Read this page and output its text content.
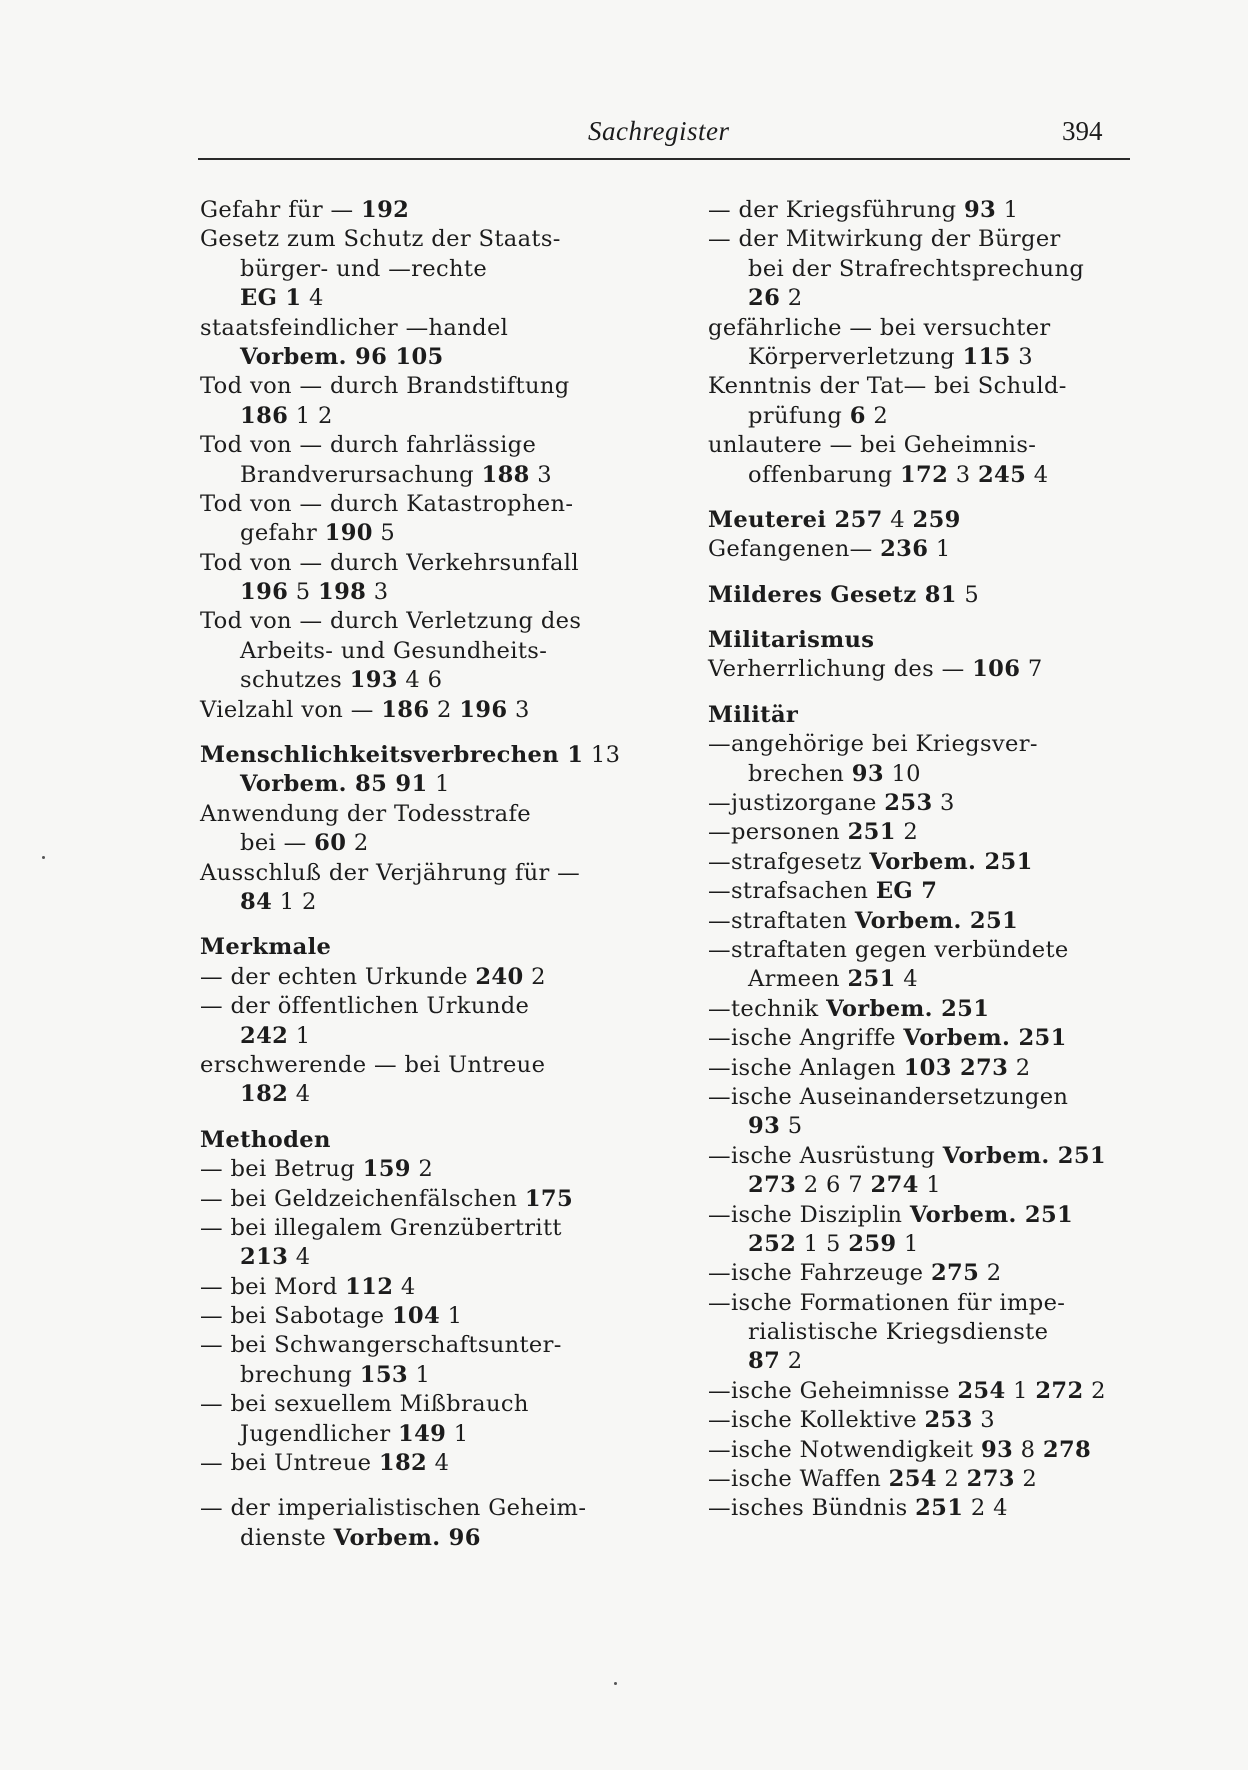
Sachregister	394
Gefahr für — 192
Gesetz zum Schutz der Staats-
bürger- und —rechte
EG 1 4
staatsfeindlicher —handel
Vorbem. 96 105
Tod von — durch Brandstiftung
186 1 2
Tod von — durch fahrlässige
Brandverursachung 188 3
Tod von — durch Katastrophen-
gefahr 190 5
Tod von — durch Verkehrsunfall
196 5 198 3
Tod von — durch Verletzung des
Arbeits- und Gesundheits-
schutzes 193 4 6
Vielzahl von — 186 2 196 3
Menschlichkeitsverbrechen 1 13
Vorbem. 85 91 1
Anwendung der Todesstrafe
bei — 60 2
Ausschluß der Verjährung für —
84 1 2
Merkmale
— der echten Urkunde 240 2
— der öffentlichen Urkunde
242 1
erschwerende — bei Untreue
182 4
Methoden
— bei Betrug 159 2
— bei Geldzeichenfälschen 175
— bei illegalem Grenzübertritt
213 4
— bei Mord 112 4
— bei Sabotage 104 1
— bei Schwangerschaftsunter-
brechung 153 1
— bei sexuellem Mißbrauch
Jugendlicher 149 1
— bei Untreue 182 4
— der imperialistischen Geheim-
dienste Vorbem. 96
— der Kriegsführung 93 1
— der Mitwirkung der Bürger
bei der Strafrechtsprechung
26 2
gefährliche — bei versuchter
Körperverletzung 115 3
Kenntnis der Tat— bei Schuld-
prüfung 6 2
unlautere — bei Geheimnis-
offenbarung 172 3 245 4
Meuterei 257 4 259
Gefangenen— 236 1
Milderes Gesetz 81 5
Militarismus
Verherrlichung des — 106 7
Militär
—angehörige bei Kriegsver-
brechen 93 10
—justizorgane 253 3
—personen 251 2
—strafgesetz Vorbem. 251
—strafsachen EG 7
—straftaten Vorbem. 251
—straftaten gegen verbündete
Armeen 251 4
—technik Vorbem. 251
—ische Angriffe Vorbem. 251
—ische Anlagen 103 273 2
—ische Auseinandersetzungen
93 5
—ische Ausrüstung Vorbem. 251
273 2 6 7 274 1
—ische Disziplin Vorbem. 251
252 1 5 259 1
—ische Fahrzeuge 275 2
—ische Formationen für impe-
rialistische Kriegsdienste
87 2
—ische Geheimnisse 254 1 272 2
—ische Kollektive 253 3
—ische Notwendigkeit 93 8 278
—ische Waffen 254 2 273 2
—isches Bündnis 251 2 4
